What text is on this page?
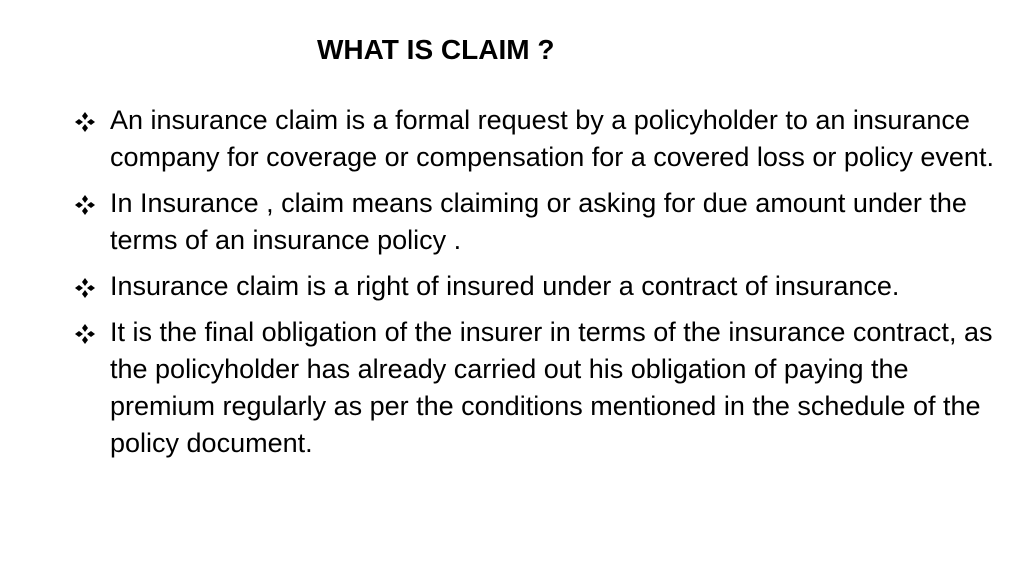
WHAT IS CLAIM ?
An insurance claim is a formal request by a policyholder to an insurance company for coverage or compensation for a covered loss or policy event.
In Insurance , claim means claiming or asking for due amount under the terms of an insurance policy .
Insurance claim is a right of insured under a contract of insurance.
It is the final obligation of the insurer in terms of the insurance contract, as the policyholder has already carried out his obligation of paying the premium regularly as per the conditions mentioned in the schedule of the policy document.
